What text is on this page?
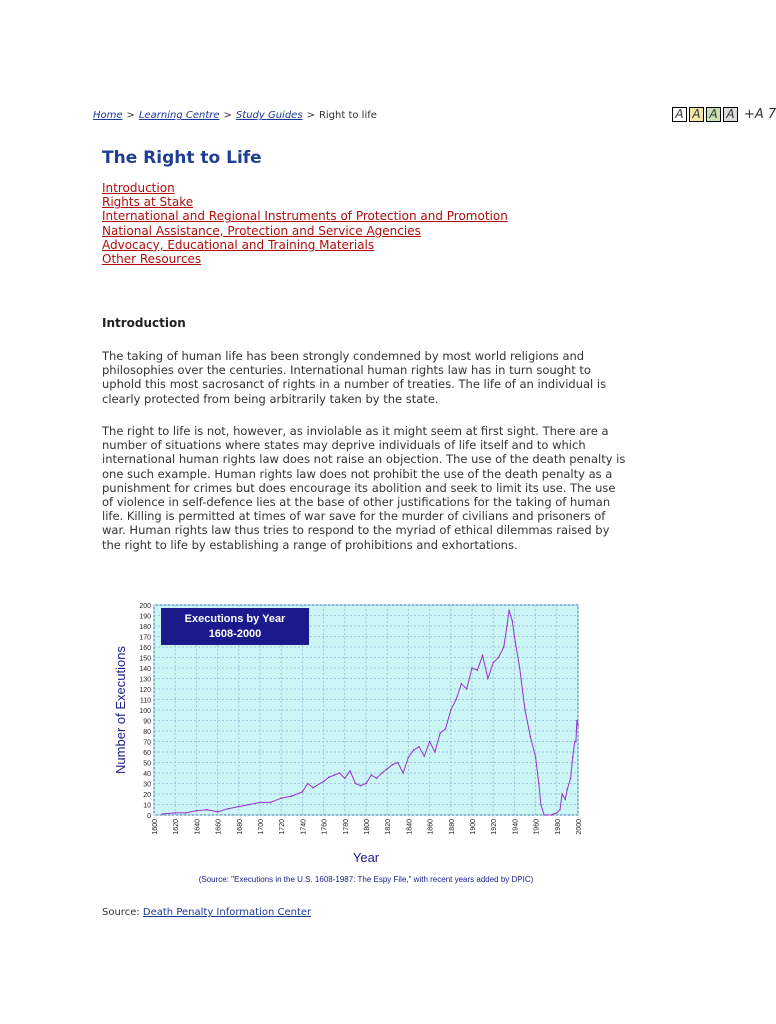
Home > Learning Centre > Study Guides > Right to life	A A A A +A 7
The Right to Life
Introduction
Rights at Stake
International and Regional Instruments of Protection and Promotion
National Assistance, Protection and Service Agencies
Advocacy, Educational and Training Materials
Other Resources
Introduction

The taking of human life has been strongly condemned by most world religions and philosophies over the centuries. International human rights law has in turn sought to uphold this most sacrosanct of rights in a number of treaties. The life of an individual is clearly protected from being arbitrarily taken by the state.

The right to life is not, however, as inviolable as it might seem at first sight. There are a number of situations where states may deprive individuals of life itself and to which international human rights law does not raise an objection. The use of the death penalty is one such example. Human rights law does not prohibit the use of the death penalty as a punishment for crimes but does encourage its abolition and seek to limit its use. The use of violence in self-defence lies at the base of other justifications for the taking of human life. Killing is permitted at times of war save for the murder of civilians and prisoners of war. Human rights law thus tries to respond to the myriad of ethical dilemmas raised by the right to life by establishing a range of prohibitions and exhortations.

0
10
20
30
40
50
60
70
80
90
100
110
120
130
140
150
160
170
180
190
200
1600 1620 1640 1660 1680 1700 1720 1740 1760 1780 1800 1820 1840 1860 1880 1900 1920 1940 1960 1980 2000
Executions by Year
1608-2000
Number of Executions
Year
(Source: "Executions in the U.S. 1608-1987: The Espy File," with recent years added by DPIC)
Source: Death Penalty Information Center
